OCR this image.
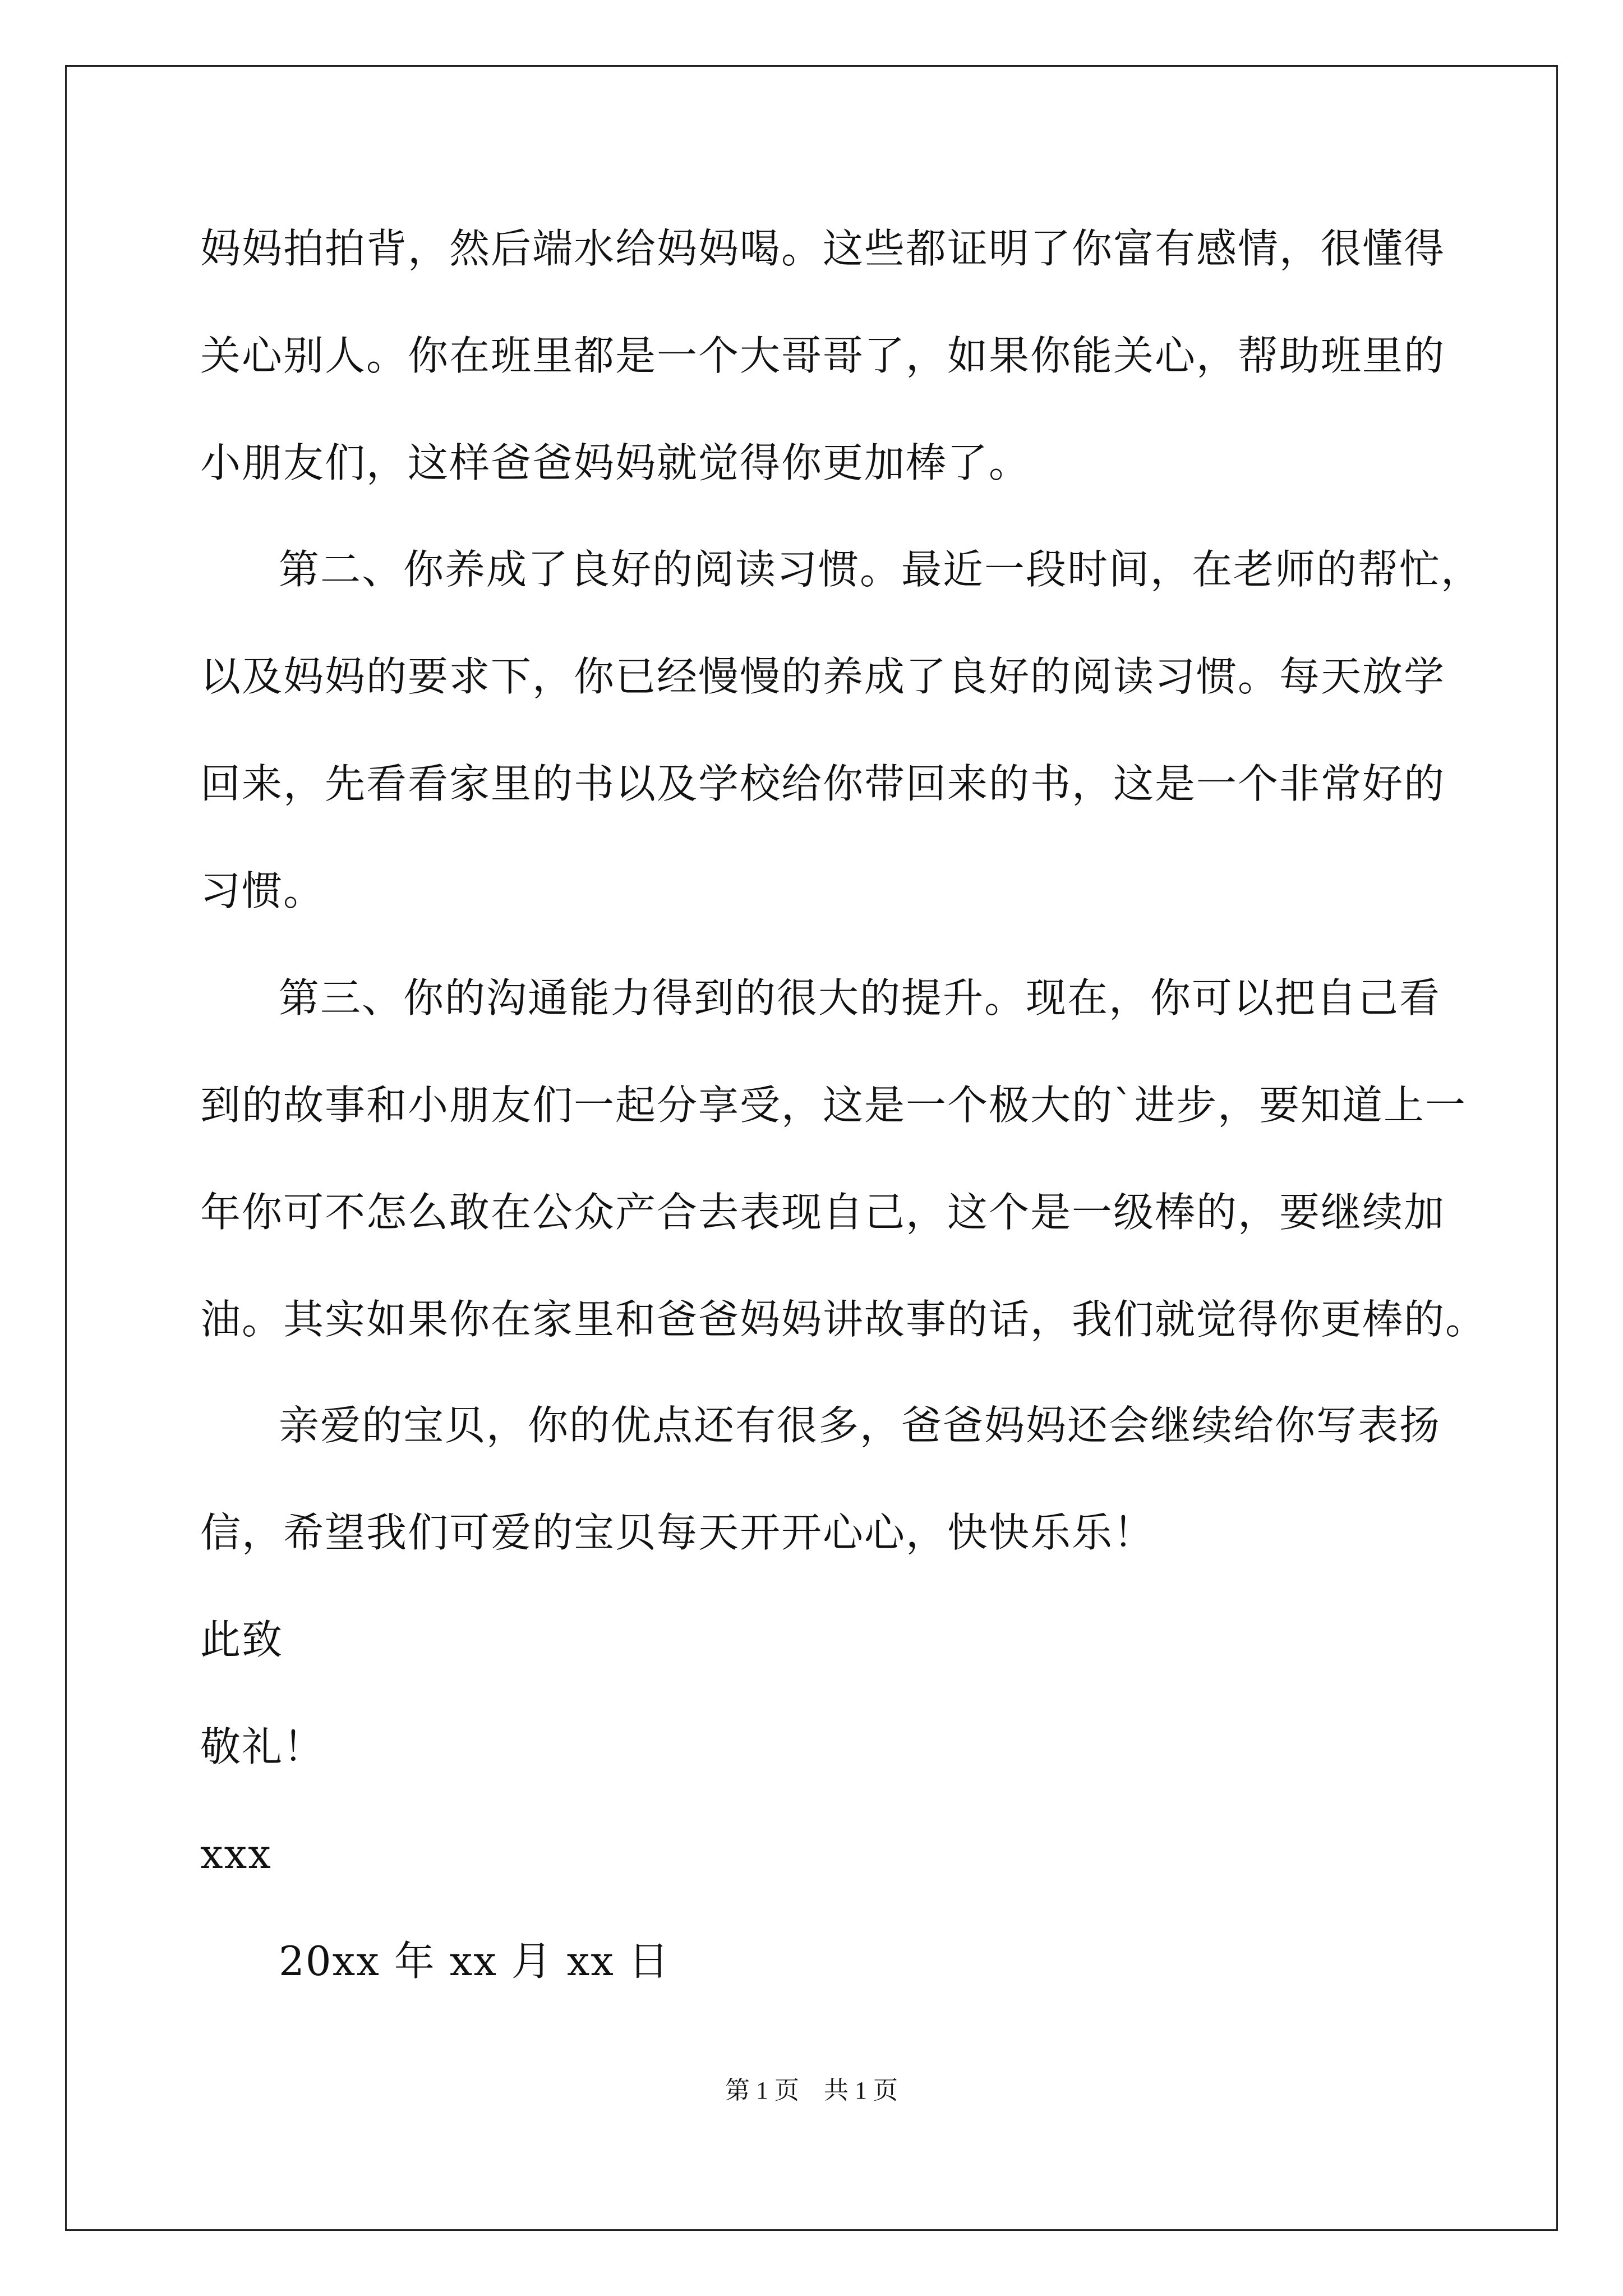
妈妈拍拍背，然后端水给妈妈喝。这些都证明了你富有感情，很懂得

关心别人。你在班里都是一个大哥哥了，如果你能关心，帮助班里的

小朋友们，这样爸爸妈妈就觉得你更加棒了。

第二、你养成了良好的阅读习惯。最近一段时间，在老师的帮忙，

以及妈妈的要求下，你已经慢慢的养成了良好的阅读习惯。每天放学

回来，先看看家里的书以及学校给你带回来的书，这是一个非常好的

习惯。

第三、你的沟通能力得到的很大的提升。现在，你可以把自己看

到的故事和小朋友们一起分享受，这是一个极大的`进步，要知道上一

年你可不怎么敢在公众产合去表现自己，这个是一级棒的，要继续加

油。其实如果你在家里和爸爸妈妈讲故事的话，我们就觉得你更棒的。

亲爱的宝贝，你的优点还有很多，爸爸妈妈还会继续给你写表扬

信，希望我们可爱的宝贝每天开开心心，快快乐乐！

此致

敬礼！

xxx

20xx 年 xx 月 xx 日

第 1 页　共 1 页
